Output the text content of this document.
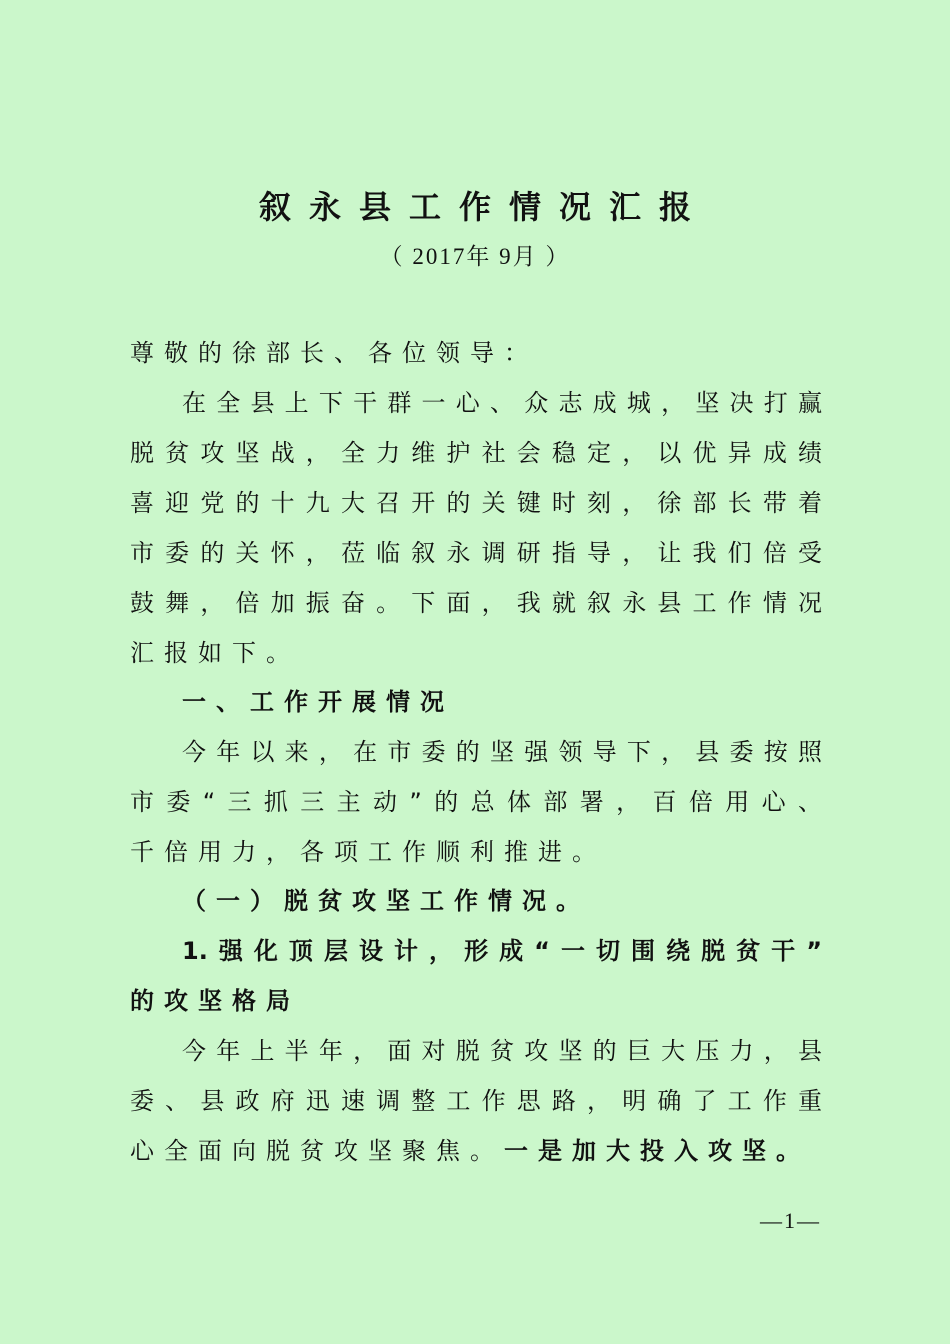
叙永县工作情况汇报
（ 2017年 9月 ）
尊敬的徐部长、各位领导：
在全县上下干群一心、众志成城，坚决打赢
脱贫攻坚战，全力维护社会稳定，以优异成绩
喜迎党的十九大召开的关键时刻，徐部长带着
市委的关怀，莅临叙永调研指导，让我们倍受
鼓舞，倍加振奋。下面，我就叙永县工作情况
汇报如下。
一、工作开展情况
今年以来，在市委的坚强领导下，县委按照
市委“三抓三主动”的总体部署，百倍用心、
千倍用力，各项工作顺利推进。
（一）脱贫攻坚工作情况。
1.强化顶层设计，形成“一切围绕脱贫干”
的攻坚格局
今年上半年，面对脱贫攻坚的巨大压力，县
委、县政府迅速调整工作思路，明确了工作重
心全面向脱贫攻坚聚焦。一是加大投入攻坚。
—1—
